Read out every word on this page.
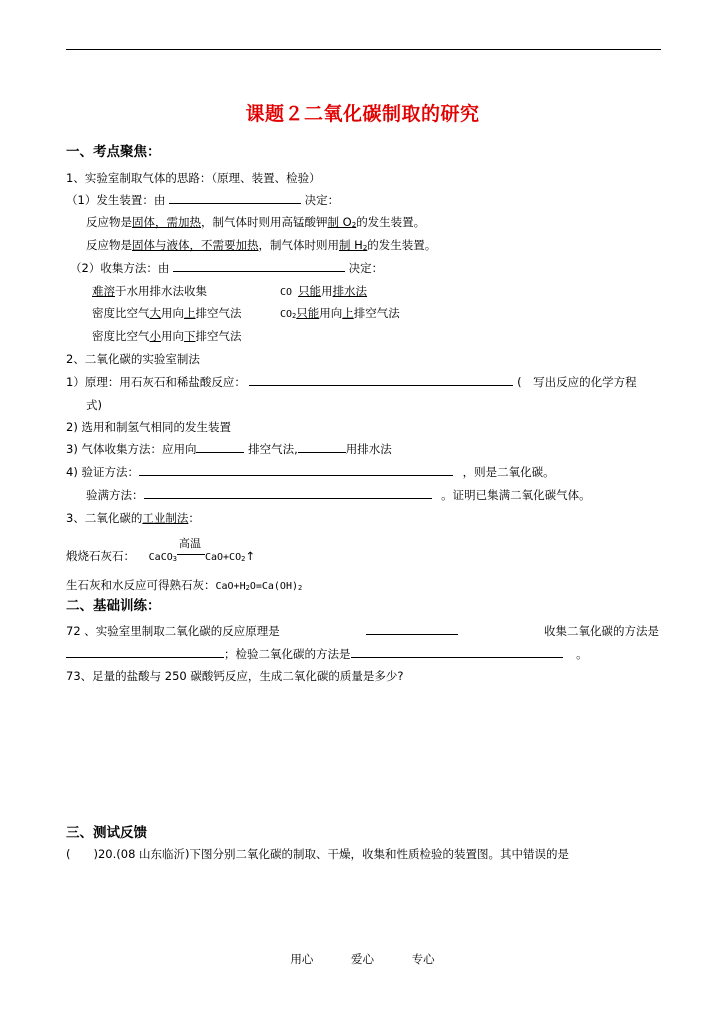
课题２二氧化碳制取的研究
一、考点聚焦：
1、实验室制取气体的思路：（原理、装置、检验）
（1）发生装置：由	决定：
反应物是固体，需加热，制气体时则用高锰酸钾制 $O_2$的发生装置。
反应物是固体与液体，不需要加热，制气体时则用制 $H_2$的发生装置。
（2）收集方法：由	决定：
难溶于水用排水法收集	CO 只能用排水法
密度比空气大用向上排空气法	$CO_2$只能用向上排空气法
密度比空气小用向下排空气法
2、二氧化碳的实验室制法
1）原理：用石灰石和稀盐酸反应：	(　写出反应的化学方程
式)
2) 选用和制氢气相同的发生装置
3) 气体收集方法：应用向	排空气法,	用排水法
4) 验证方法：	，则是二氧化碳。
验满方法：	。证明已集满二氧化碳气体。
3、二氧化碳的工业制法：
煅烧石灰石： CaCO$_3$
高温
$CaO+CO_2↑$
生石灰和水反应可得熟石灰：$CaO+H_2O=Ca(OH)_2$
二、基础训练：
72 、实验室里制取二氧化碳的反应原理是	收集二氧化碳的方法是
；检验二氧化碳的方法是	。
73、足量的盐酸与 250 碳酸钙反应，生成二氧化碳的质量是多少?
三、测试反馈
(　　)20.(08 山东临沂)下图分别二氧化碳的制取、干燥，收集和性质检验的装置图。其中错误的是
用心	爱心	专心
